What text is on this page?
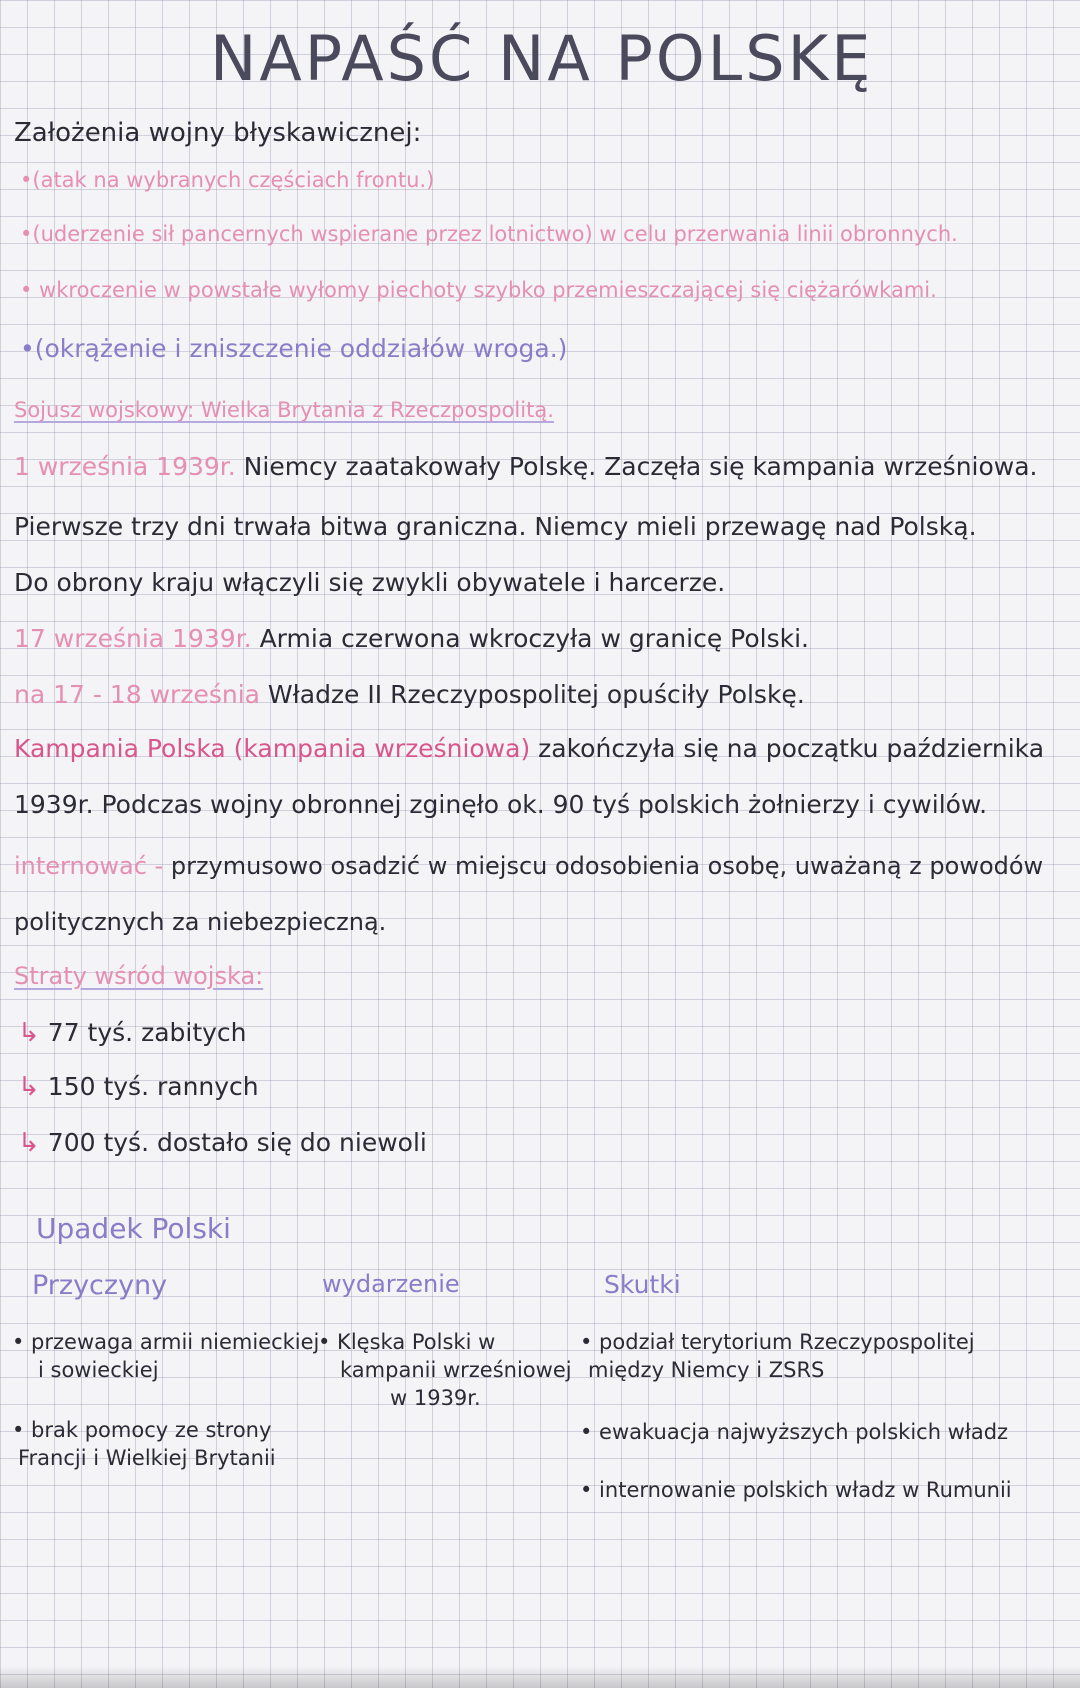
NAPAŚĆ NA POLSKĘ
Założenia wojny błyskawicznej:
•(atak na wybranych częściach frontu.)
•(uderzenie sił pancernych wspierane przez lotnictwo) w celu przerwania linii obronnych.
• wkroczenie w powstałe wyłomy piechoty szybko przemieszczającej się ciężarówkami.
•(okrążenie i zniszczenie oddziałów wroga.)
Sojusz wojskowy: Wielka Brytania z Rzeczpospolitą.
1 września 1939r. Niemcy zaatakowały Polskę. Zaczęła się kampania wrześniowa.
Pierwsze trzy dni trwała bitwa graniczna. Niemcy mieli przewagę nad Polską.
Do obrony kraju włączyli się zwykli obywatele i harcerze.
17 września 1939r. Armia czerwona wkroczyła w granicę Polski.
na 17 - 18 września Władze II Rzeczypospolitej opuściły Polskę.
Kampania Polska (kampania wrześniowa) zakończyła się na początku października
1939r. Podczas wojny obronnej zginęło ok. 90 tyś polskich żołnierzy i cywilów.
internować - przymusowo osadzić w miejscu odosobienia osobę, uważaną z powodów
politycznych za niebezpieczną.
Straty wśród wojska:
↳ 77 tyś. zabitych
↳ 150 tyś. rannych
↳ 700 tyś. dostało się do niewoli
Upadek Polski
Przyczyny	wydarzenie	Skutki
• przewaga armii niemieckiej
i sowieckiej
• brak pomocy ze strony
Francji i Wielkiej Brytanii
• Klęska Polski w
kampanii wrześniowej
w 1939r.
• podział terytorium Rzeczypospolitej
między Niemcy i ZSRS
• ewakuacja najwyższych polskich władz
• internowanie polskich władz w Rumunii
